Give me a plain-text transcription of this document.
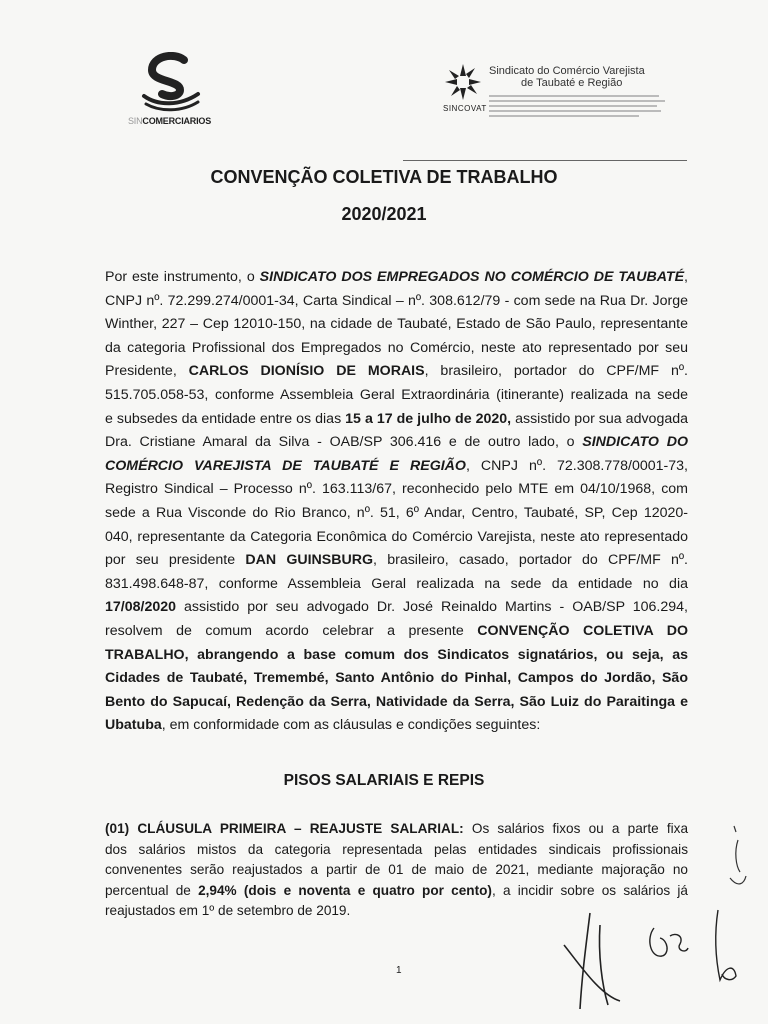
SINCOMERCIARIOS
SINCOVAT
Sindicato do Comércio Varejista
de Taubaté e Região
CONVENÇÃO COLETIVA DE TRABALHO
2020/2021
Por este instrumento, o SINDICATO DOS EMPREGADOS NO COMÉRCIO DE TAUBATÉ,
CNPJ nº. 72.299.274/0001-34, Carta Sindical – nº. 308.612/79 - com sede na Rua Dr. Jorge
Winther, 227 – Cep 12010-150, na cidade de Taubaté, Estado de São Paulo, representante
da categoria Profissional dos Empregados no Comércio, neste ato representado por seu
Presidente, CARLOS DIONÍSIO DE MORAIS, brasileiro, portador do CPF/MF nº.
515.705.058-53, conforme Assembleia Geral Extraordinária (itinerante) realizada na sede
e subsedes da entidade entre os dias 15 a 17 de julho de 2020, assistido por sua advogada
Dra. Cristiane Amaral da Silva - OAB/SP 306.416 e de outro lado, o SINDICATO DO
COMÉRCIO VAREJISTA DE TAUBATÉ E REGIÃO, CNPJ nº. 72.308.778/0001-73,
Registro Sindical – Processo nº. 163.113/67, reconhecido pelo MTE em 04/10/1968, com
sede a Rua Visconde do Rio Branco, nº. 51, 6º Andar, Centro, Taubaté, SP, Cep 12020-
040, representante da Categoria Econômica do Comércio Varejista, neste ato representado
por seu presidente DAN GUINSBURG, brasileiro, casado, portador do CPF/MF nº.
831.498.648-87, conforme Assembleia Geral realizada na sede da entidade no dia
17/08/2020 assistido por seu advogado Dr. José Reinaldo Martins - OAB/SP 106.294,
resolvem de comum acordo celebrar a presente CONVENÇÃO COLETIVA DO
TRABALHO, abrangendo a base comum dos Sindicatos signatários, ou seja, as
Cidades de Taubaté, Tremembé, Santo Antônio do Pinhal, Campos do Jordão, São
Bento do Sapucaí, Redenção da Serra, Natividade da Serra, São Luiz do Paraitinga e
Ubatuba, em conformidade com as cláusulas e condições seguintes:
PISOS SALARIAIS E REPIS
(01) CLÁUSULA PRIMEIRA – REAJUSTE SALARIAL: Os salários fixos ou a parte fixa
dos salários mistos da categoria representada pelas entidades sindicais profissionais
convenentes serão reajustados a partir de 01 de maio de 2021, mediante majoração no
percentual de 2,94% (dois e noventa e quatro por cento), a incidir sobre os salários já
reajustados em 1º de setembro de 2019.
1
